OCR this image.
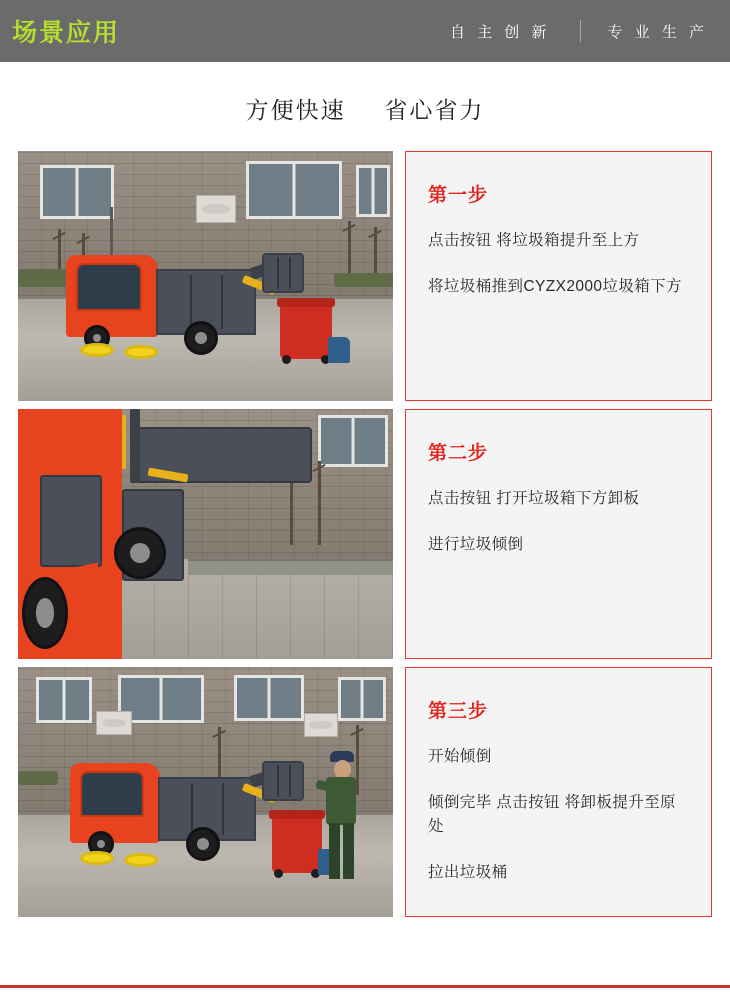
场景应用	自 主 创 新	专 业 生 产
方便快速 省心省力
第一步

点击按钮 将垃圾箱提升至上方

将垃圾桶推到CYZX2000垃圾箱下方

第二步

点击按钮 打开垃圾箱下方卸板

进行垃圾倾倒

第三步

开始倾倒

倾倒完毕 点击按钮 将卸板提升至原处

拉出垃圾桶
